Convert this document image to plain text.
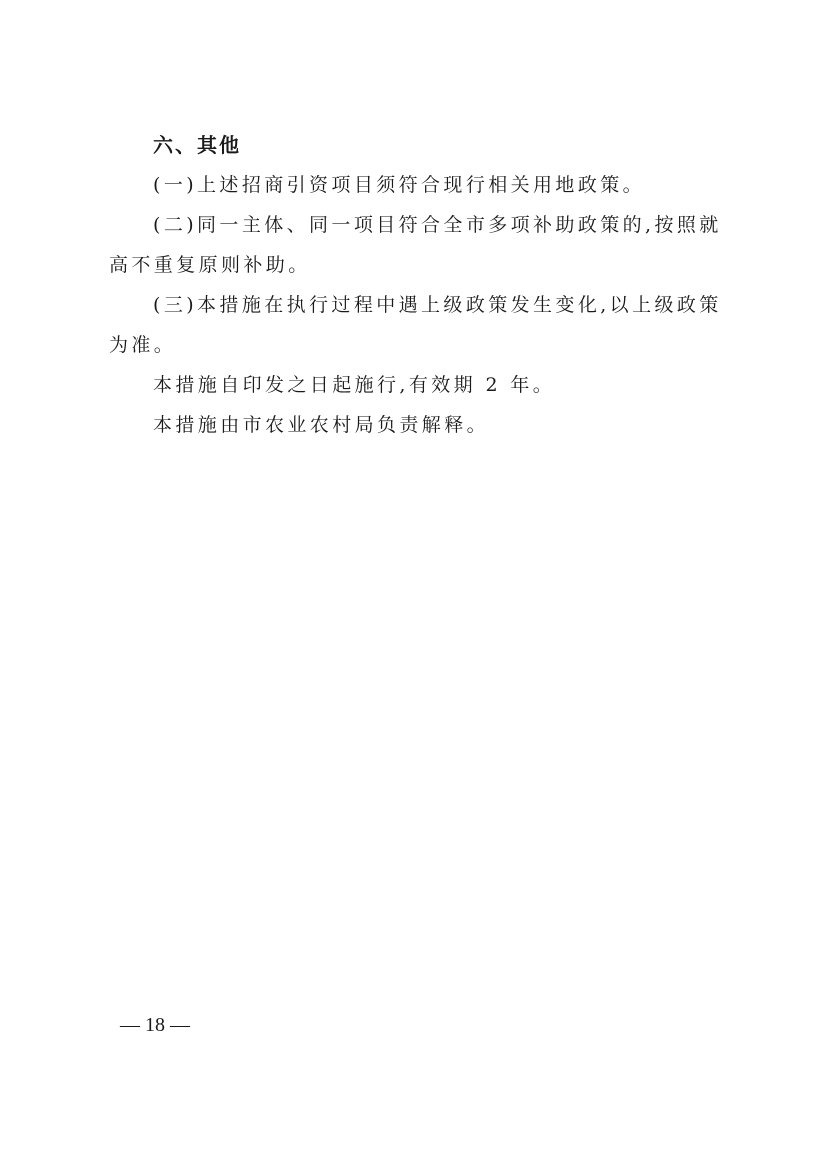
六、其他
(一)上述招商引资项目须符合现行相关用地政策。
(二)同一主体、同一项目符合全市多项补助政策的,按照就
高不重复原则补助。
(三)本措施在执行过程中遇上级政策发生变化,以上级政策
为准。
本措施自印发之日起施行,有效期 2 年。
本措施由市农业农村局负责解释。
— 18 —
